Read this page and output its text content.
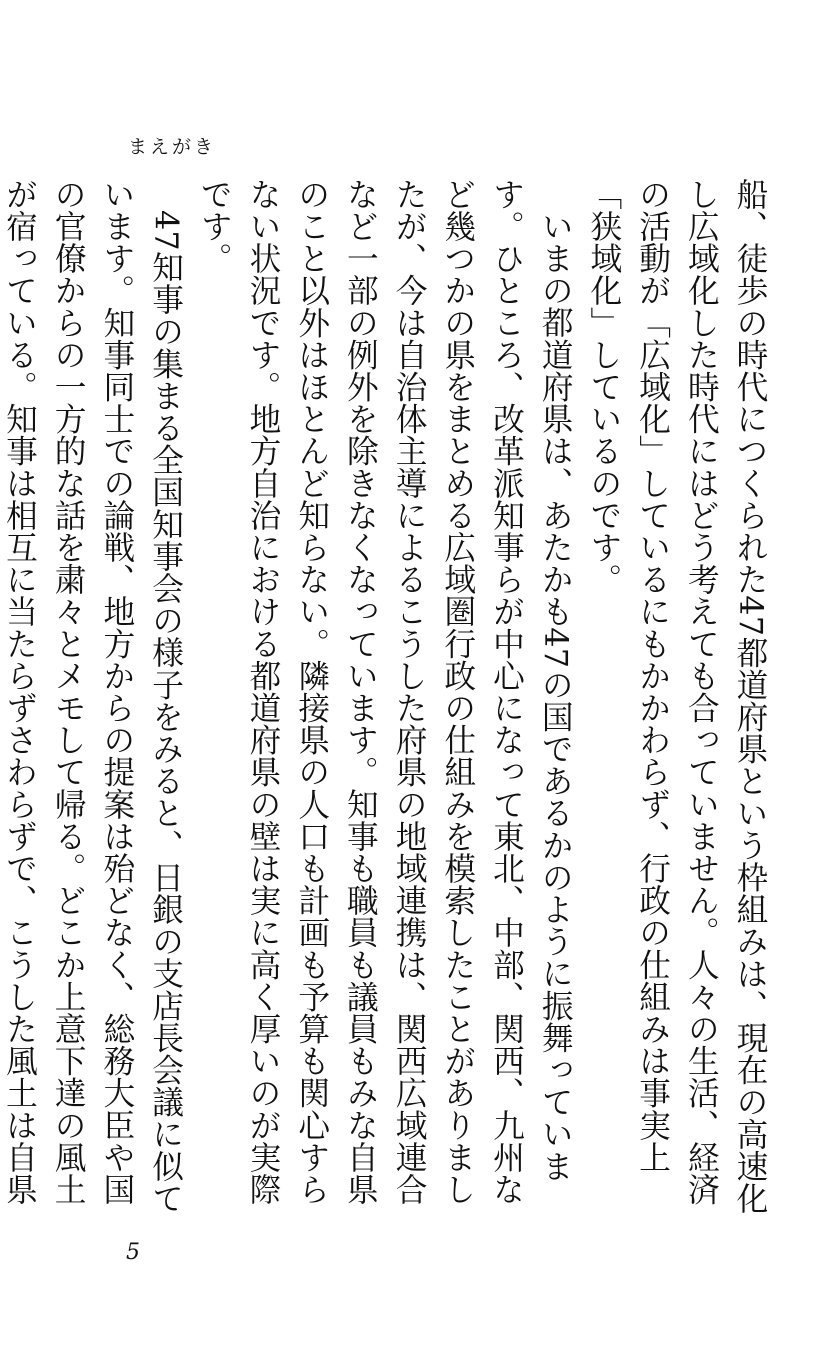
まえがき

船、徒歩の時代につくられた47都道府県という枠組みは、現在の高速化し広域化した時代にはどう考えても合っていません。人々の生活、経済の活動が「広域化」しているにもかかわらず、行政の仕組みは事実上「狭域化」しているのです。

いまの都道府県は、あたかも47の国であるかのように振舞っています。ひところ、改革派知事らが中心になって東北、中部、関西、九州など幾つかの県をまとめる広域圏行政の仕組みを模索したことがありましたが、今は自治体主導によるこうした府県の地域連携は、関西広域連合など一部の例外を除きなくなっています。知事も職員も議員もみな自県のこと以外はほとんど知らない。隣接県の人口も計画も予算も関心すらない状況です。地方自治における都道府県の壁は実に高く厚いのが実際です。

47知事の集まる全国知事会の様子をみると、日銀の支店長会議に似ています。知事同士での論戦、地方からの提案は殆どなく、総務大臣や国の官僚からの一方的な話を粛々とメモして帰る。どこか上意下達の風土が宿っている。知事は相互に当たらずさわらずで、こうした風土は自県

5
